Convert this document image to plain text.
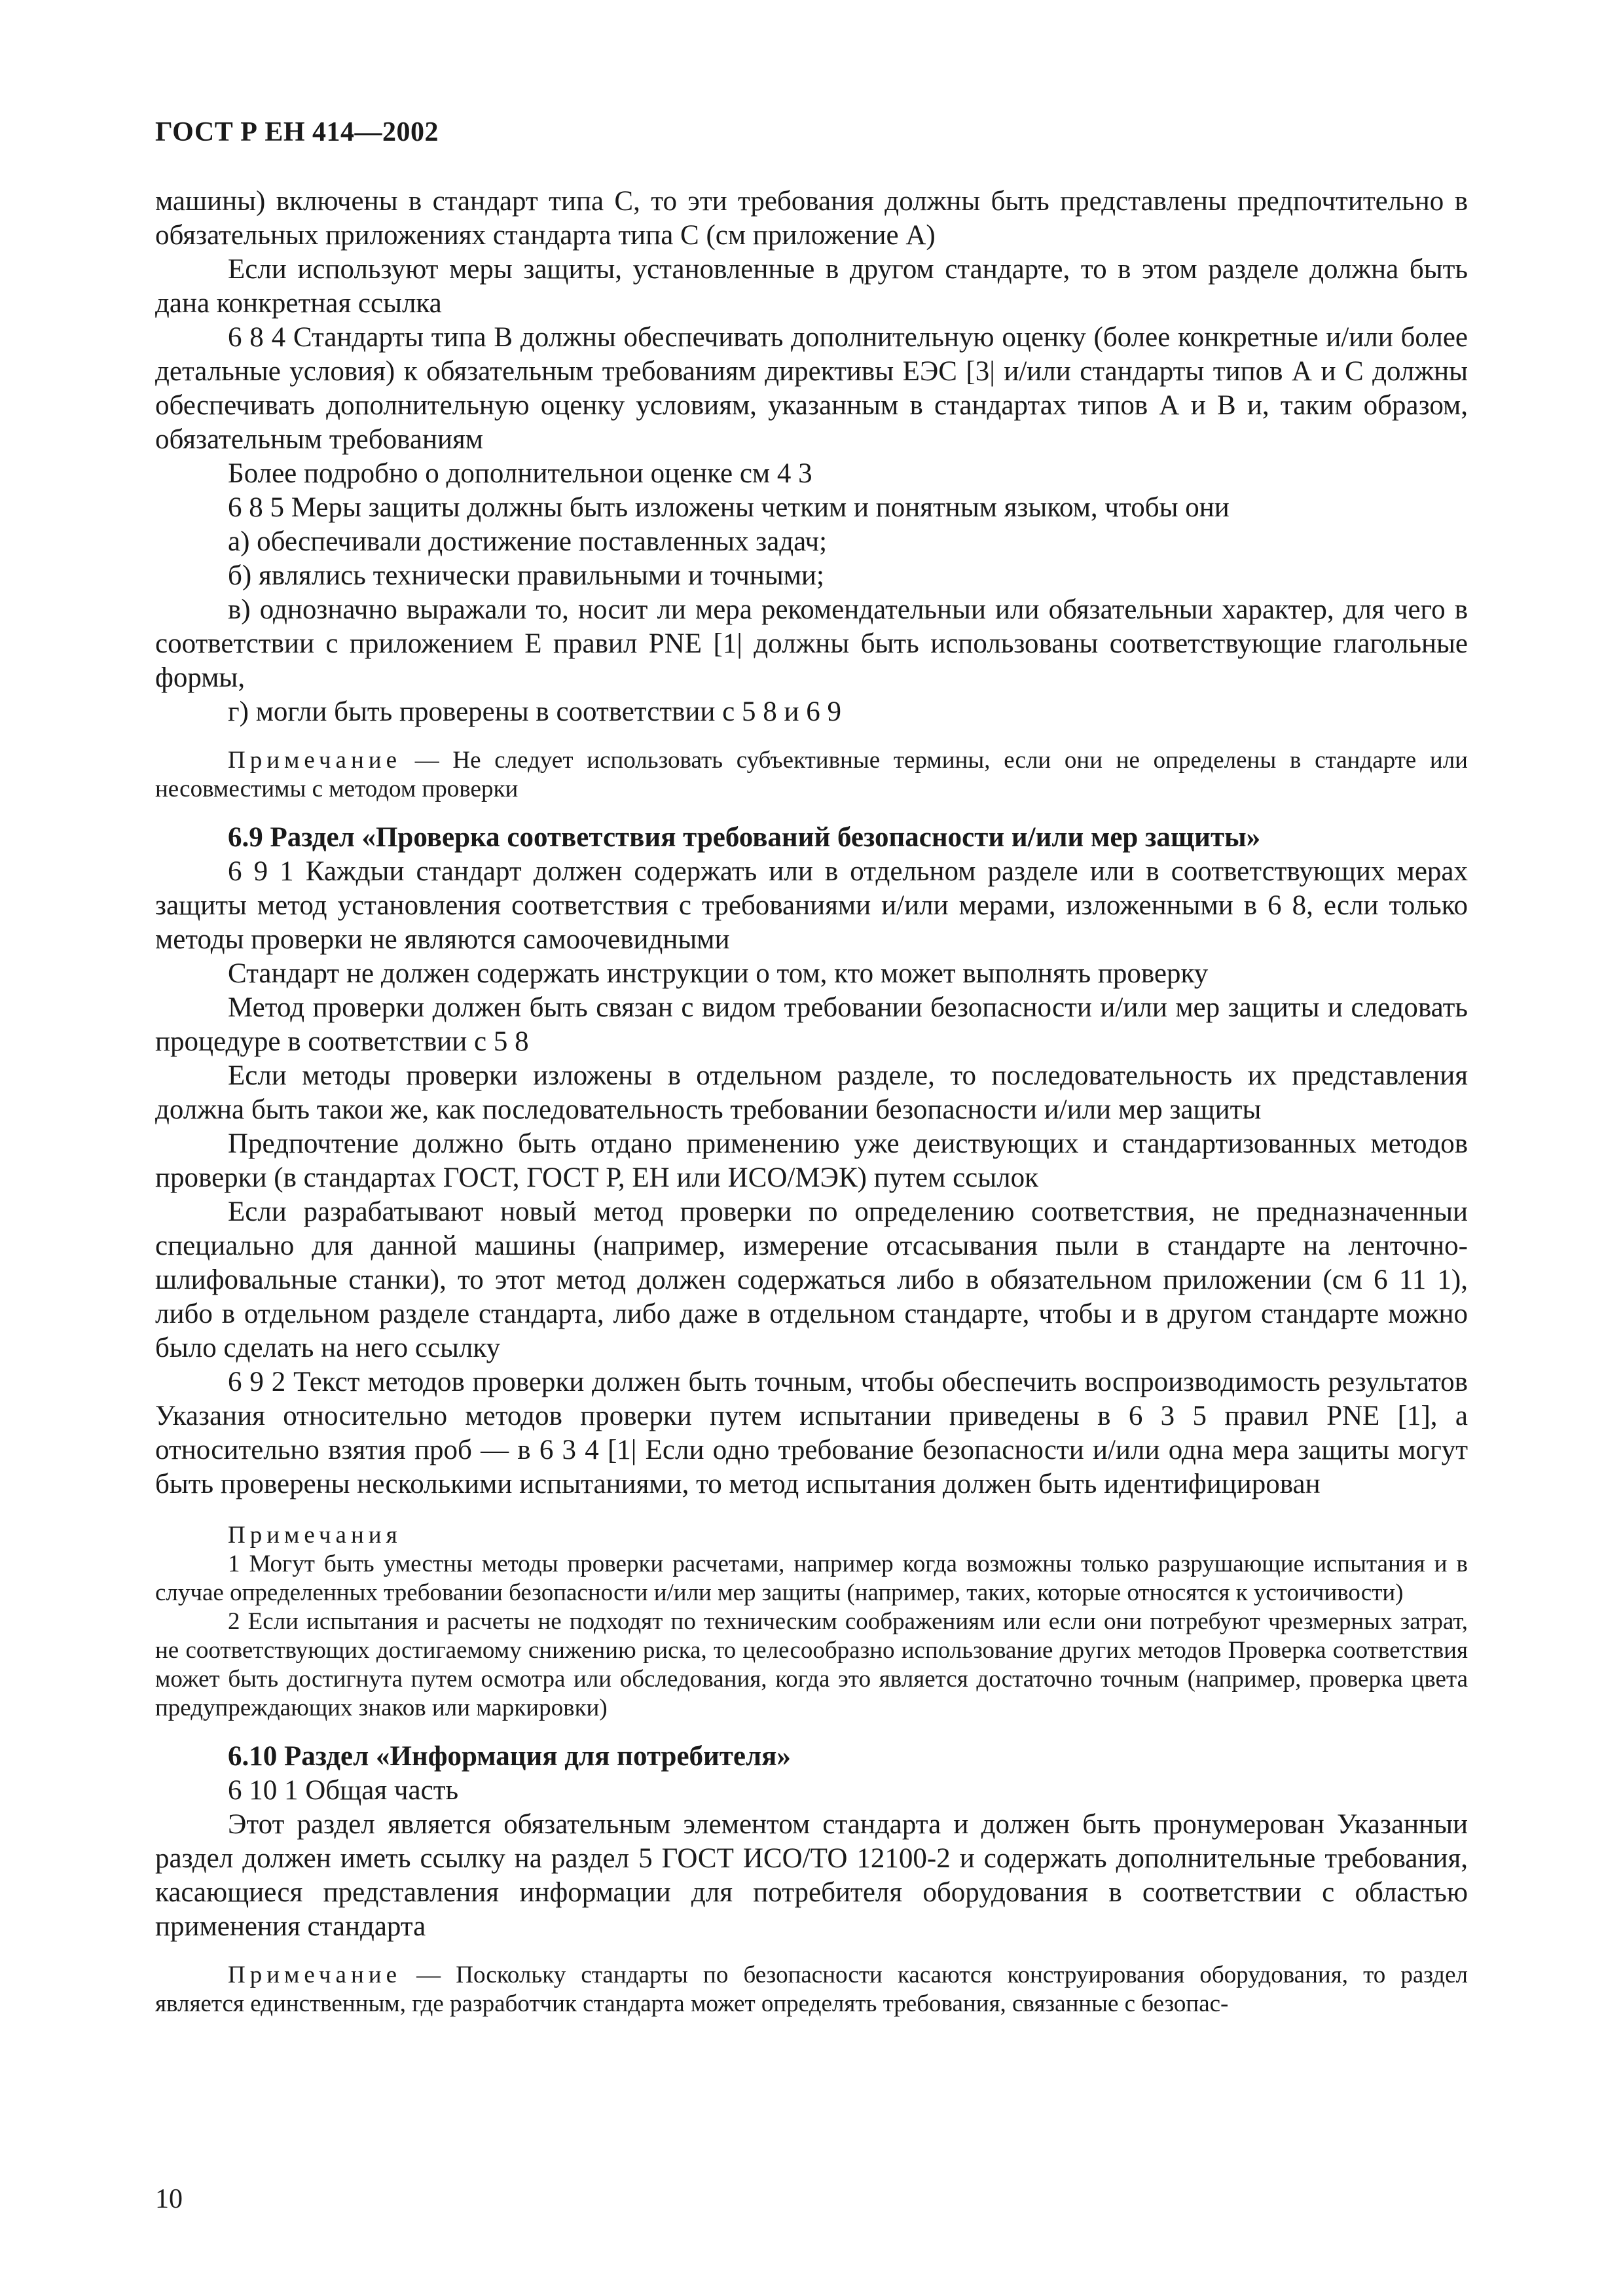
ГОСТ Р ЕН 414—2002

машины) включены в стандарт типа С, то эти требования должны быть представлены предпочтительно в обязательных приложениях стандарта типа С (см приложение А)

Если используют меры защиты, установленные в другом стандарте, то в этом разделе должна быть дана конкретная ссылка

6 8 4 Стандарты типа В должны обеспечивать дополнительную оценку (более конкретные и/или более детальные условия) к обязательным требованиям директивы ЕЭС [3| и/или стандарты типов А и С должны обеспечивать дополнительную оценку условиям, указанным в стандартах типов А и В и, таким образом, обязательным требованиям

Более подробно о дополнительнои оценке см 4 3

6 8 5 Меры защиты должны быть изложены четким и понятным языком, чтобы они

а) обеспечивали достижение поставленных задач;

б) являлись технически правильными и точными;

в) однозначно выражали то, носит ли мера рекомендательныи или обязательныи характер, для чего в соответствии с приложением Е правил PNE [1| должны быть использованы соответствующие глагольные формы,

г) могли быть проверены в соответствии с 5 8 и 6 9

Примечание — Не следует использовать субъективные термины, если они не определены в стандарте или несовместимы с методом проверки

6.9 Раздел «Проверка соответствия требований безопасности и/или мер защиты»

6 9 1 Каждыи стандарт должен содержать или в отдельном разделе или в соответствующих мерах защиты метод установления соответствия с требованиями и/или мерами, изложенными в 6 8, если только методы проверки не являются самоочевидными

Стандарт не должен содержать инструкции о том, кто может выполнять проверку

Метод проверки должен быть связан с видом требовании безопасности и/или мер защиты и следовать процедуре в соответствии с 5 8

Если методы проверки изложены в отдельном разделе, то последовательность их представления должна быть такои же, как последовательность требовании безопасности и/или мер защиты

Предпочтение должно быть отдано применению уже деиствующих и стандартизованных методов проверки (в стандартах ГОСТ, ГОСТ Р, ЕН или ИСО/МЭК) путем ссылок

Если разрабатывают новый метод проверки по определению соответствия, не предназначенныи специально для данной машины (например, измерение отсасывания пыли в стандарте на ленточно-шлифовальные станки), то этот метод должен содержаться либо в обязательном приложении (см 6 11 1), либо в отдельном разделе стандарта, либо даже в отдельном стандарте, чтобы и в другом стандарте можно было сделать на него ссылку

6 9 2 Текст методов проверки должен быть точным, чтобы обеспечить воспроизводимость результатов Указания относительно методов проверки путем испытании приведены в 6 3 5 правил PNE [1], а относительно взятия проб — в 6 3 4 [1| Если одно требование безопасности и/или одна мера защиты могут быть проверены несколькими испытаниями, то метод испытания должен быть идентифицирован

Примечания

1 Могут быть уместны методы проверки расчетами, например когда возможны только разрушающие испытания и в случае определенных требовании безопасности и/или мер защиты (например, таких, которые относятся к устоичивости)

2 Если испытания и расчеты не подходят по техническим соображениям или если они потребуют чрезмерных затрат, не соответствующих достигаемому снижению риска, то целесообразно использование других методов Проверка соответствия может быть достигнута путем осмотра или обследования, когда это является достаточно точным (например, проверка цвета предупреждающих знаков или маркировки)

6.10 Раздел «Информация для потребителя»

6 10 1 Общая часть

Этот раздел является обязательным элементом стандарта и должен быть пронумерован Указанныи раздел должен иметь ссылку на раздел 5 ГОСТ ИСО/ТО 12100-2 и содержать дополнительные требования, касающиеся представления информации для потребителя оборудования в соответствии с областью применения стандарта

Примечание — Поскольку стандарты по безопасности касаются конструирования оборудования, то раздел является единственным, где разработчик стандарта может определять требования, связанные с безопас-

10
